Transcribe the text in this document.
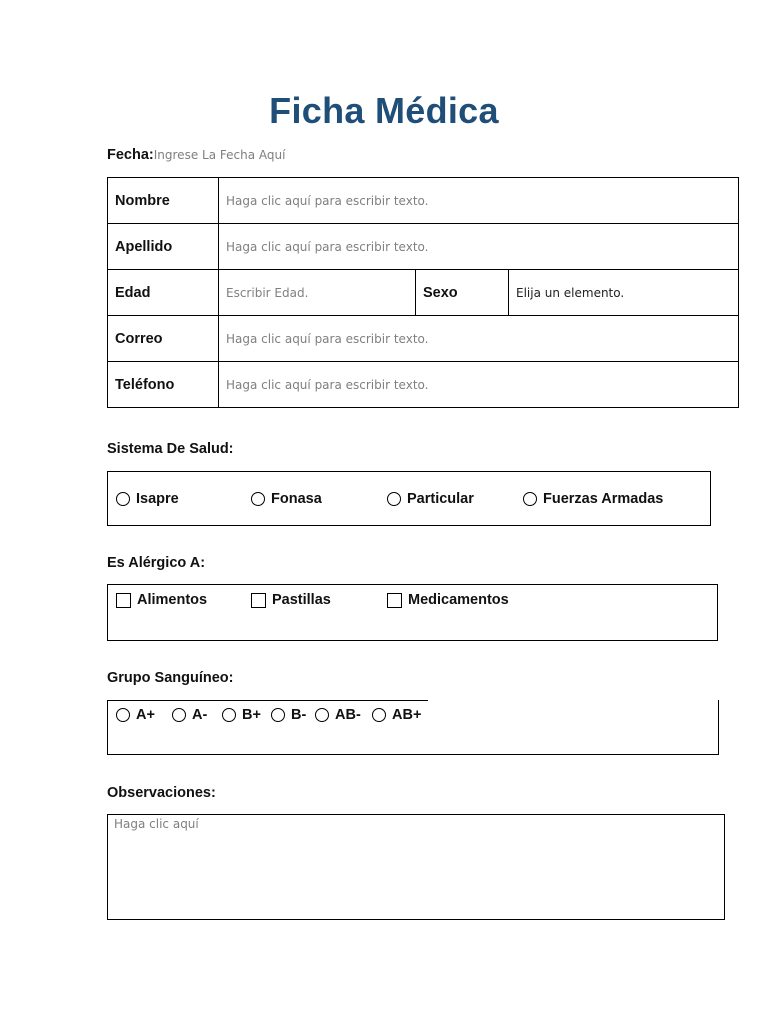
Ficha Médica
Fecha:Ingrese La Fecha Aquí
Nombre	Haga clic aquí para escribir texto.		
Apellido	Haga clic aquí para escribir texto.		
Edad	Escribir Edad.	Sexo	Elija un elemento.
Correo	Haga clic aquí para escribir texto.		
Teléfono	Haga clic aquí para escribir texto.		
Sistema De Salud:
Isapre	Fonasa	Particular	Fuerzas Armadas
Es Alérgico A:
Alimentos	Pastillas	Medicamentos
Grupo Sanguíneo:
A+	A- B+ B- AB- AB+
Observaciones:
Haga clic aquí
